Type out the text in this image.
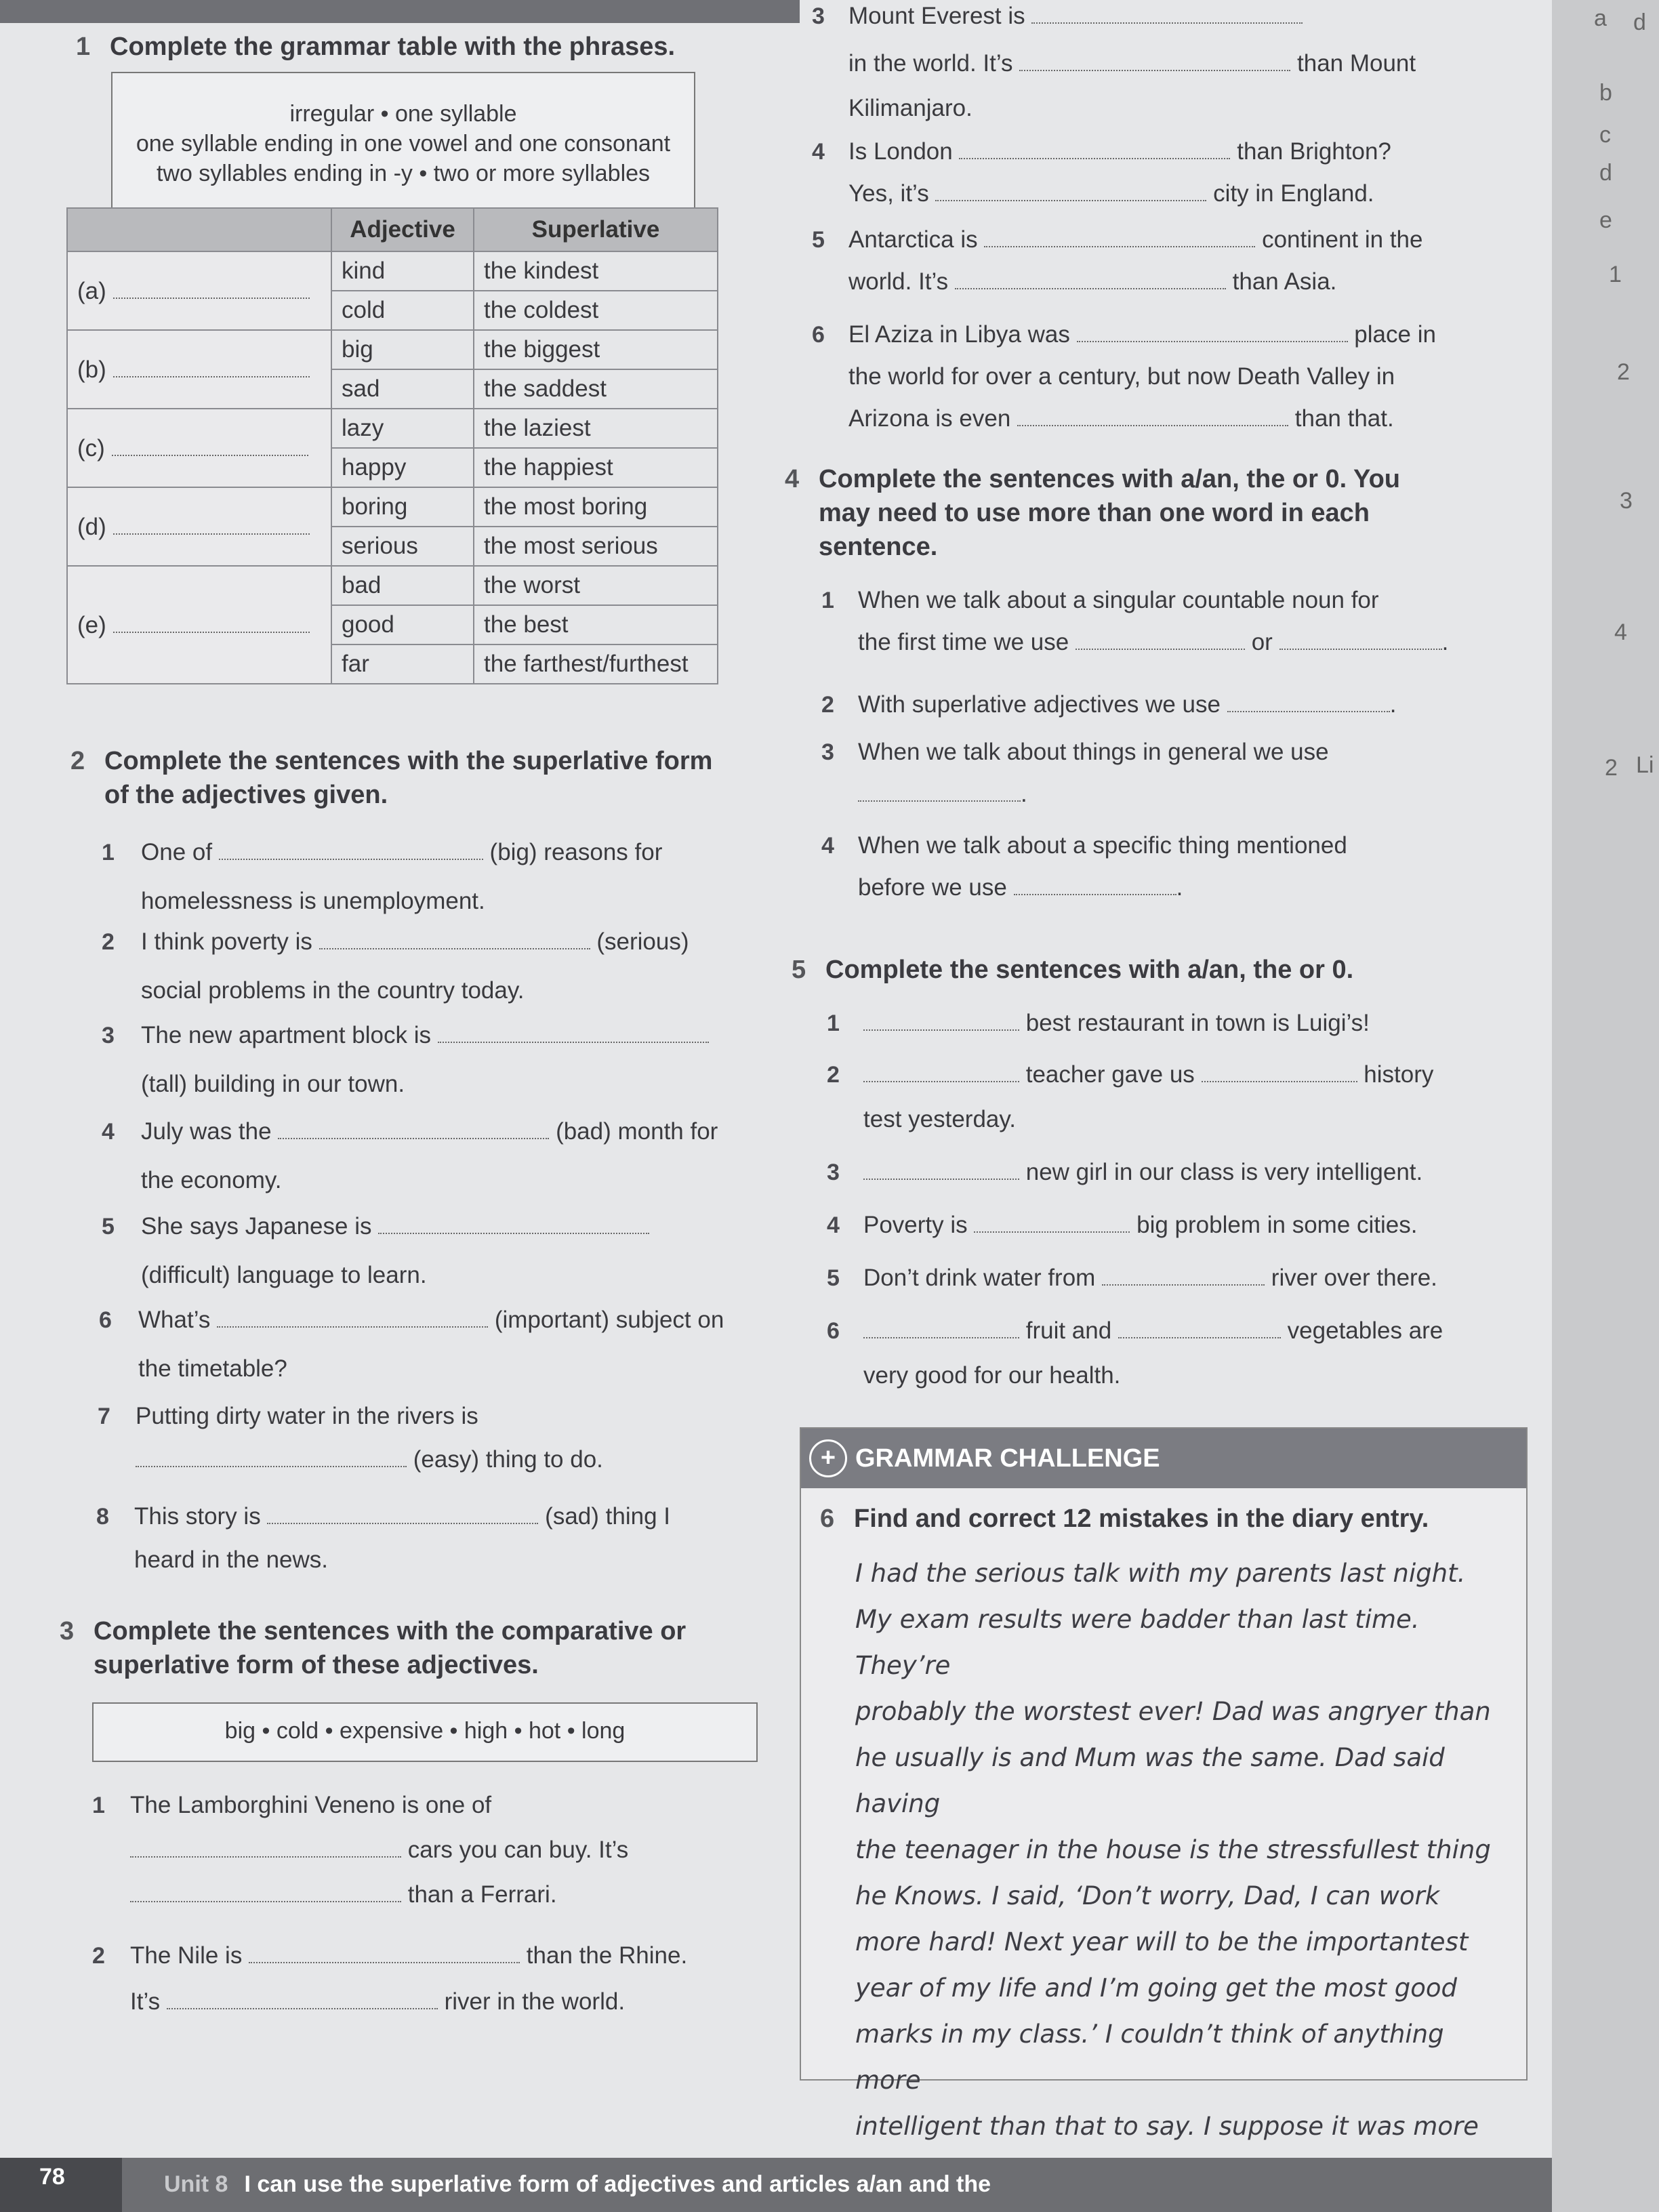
1 Complete the grammar table with the phrases.
irregular • one syllable
one syllable ending in one vowel and one consonant
two syllables ending in -y • two or more syllables
	Adjective	Superlative
(a)	kind	the kindest
	cold	the coldest
(b)	big	the biggest
	sad	the saddest
(c)	lazy	the laziest
	happy	the happiest
(d)	boring	the most boring
	serious	the most serious
(e)	bad	the worst
	good	the best
	far	the farthest/furthest
2 Complete the sentences with the superlative form
of the adjectives given.
1 One of	(big) reasons for
homelessness is unemployment.
2 I think poverty is	(serious)
social problems in the country today.
3 The new apartment block is
(tall) building in our town.
4 July was the	(bad) month for
the economy.
5 She says Japanese is
(difficult) language to learn.
6 What’s	(important) subject on
the timetable?
7 Putting dirty water in the rivers is
(easy) thing to do.
8 This story is	(sad) thing I
heard in the news.
3 Complete the sentences with the comparative or
superlative form of these adjectives.
big • cold • expensive • high • hot • long
1 The Lamborghini Veneno is one of
cars you can buy. It’s
than a Ferrari.
2 The Nile is	than the Rhine.
It’s	river in the world.
3 Mount Everest is
in the world. It’s	than Mount
Kilimanjaro.
4 Is London	than Brighton?
Yes, it’s	city in England.
5 Antarctica is	continent in the
world. It’s	than Asia.
6 El Aziza in Libya was	place in
the world for over a century, but now Death Valley in
Arizona is even	than that.
4 Complete the sentences with a/an, the or 0. You
may need to use more than one word in each
sentence.
1 When we talk about a singular countable noun for
the first time we use	or	.
2 With superlative adjectives we use	.
3 When we talk about things in general we use
.
4 When we talk about a specific thing mentioned
before we use	.
5 Complete the sentences with a/an, the or 0.
1	best restaurant in town is Luigi’s!
2	teacher gave us	history
test yesterday.
3	new girl in our class is very intelligent.
4 Poverty is	big problem in some cities.
5 Don’t drink water from	river over there.
6	fruit and	vegetables are
very good for our health.
+ GRAMMAR CHALLENGE
6 Find and correct 12 mistakes in the diary entry.
I had the serious talk with my parents last night.
My exam results were badder than last time. They’re
probably the worstest ever! Dad was angryer than
he usually is and Mum was the same. Dad said having
the teenager in the house is the stressfullest thing
he Knows. I said, ‘Don’t worry, Dad, I can work
more hard! Next year will to be the importantest
year of my life and I’m going get the most good
marks in my class.’ I couldn’t think of anything more
intelligent than that to say. I suppose it was more

78	Unit 8 I can use the superlative form of adjectives and articles a/an and the
a d
b
c
d
e
1
2
3
4
2 Li
